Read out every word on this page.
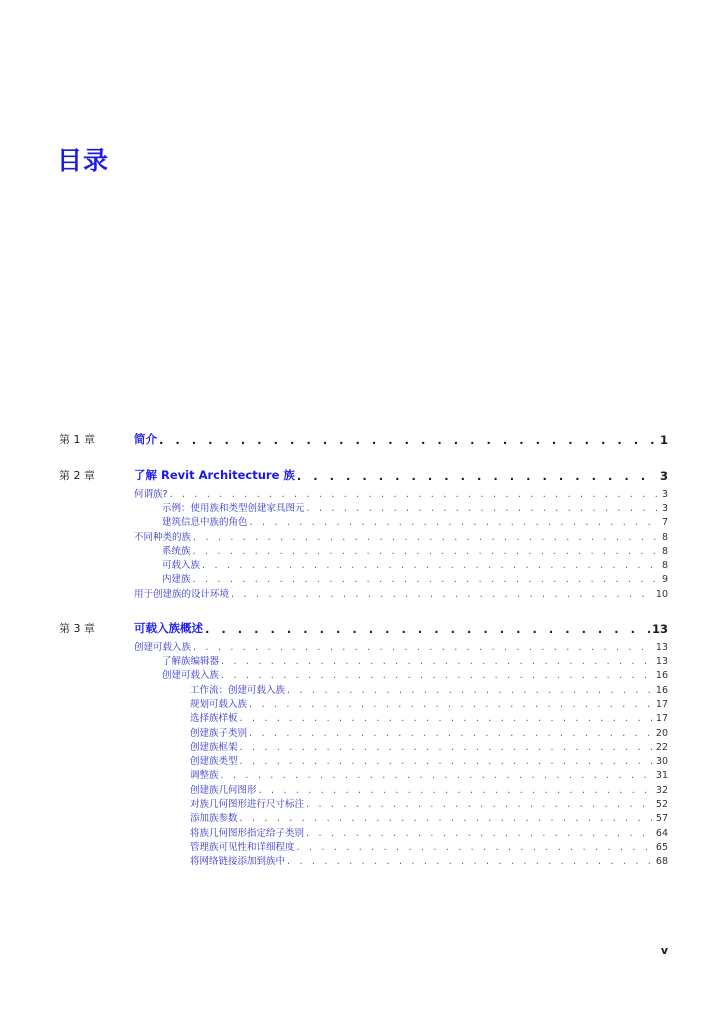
目录
第 1 章	简介 . . .	1
第 2 章	了解 Revit Architecture 族 . . .	3
何谓族? . . .	3
示例：使用族和类型创建家具图元 . . .	3
建筑信息中族的角色 . . .	7
不同种类的族 . . .	8
系统族 . . .	8
可载入族 . . .	8
内建族 . . .	9
用于创建族的设计环境 . . .	10
第 3 章	可载入族概述 . . .	13
创建可载入族 . . .	13
了解族编辑器 . . .	13
创建可载入族 . . .	16
工作流：创建可载入族 . . .	16
规划可载入族 . . .	17
选择族样板 . . .	17
创建族子类别 . . .	20
创建族框架 . . .	22
创建族类型 . . .	30
调整族 . . .	31
创建族几何图形 . . .	32
对族几何图形进行尺寸标注 . . .	52
添加族参数 . . .	57
将族几何图形指定给子类别 . . .	64
管理族可见性和详细程度 . . .	65
将网络链接添加到族中 . . .	68
v
